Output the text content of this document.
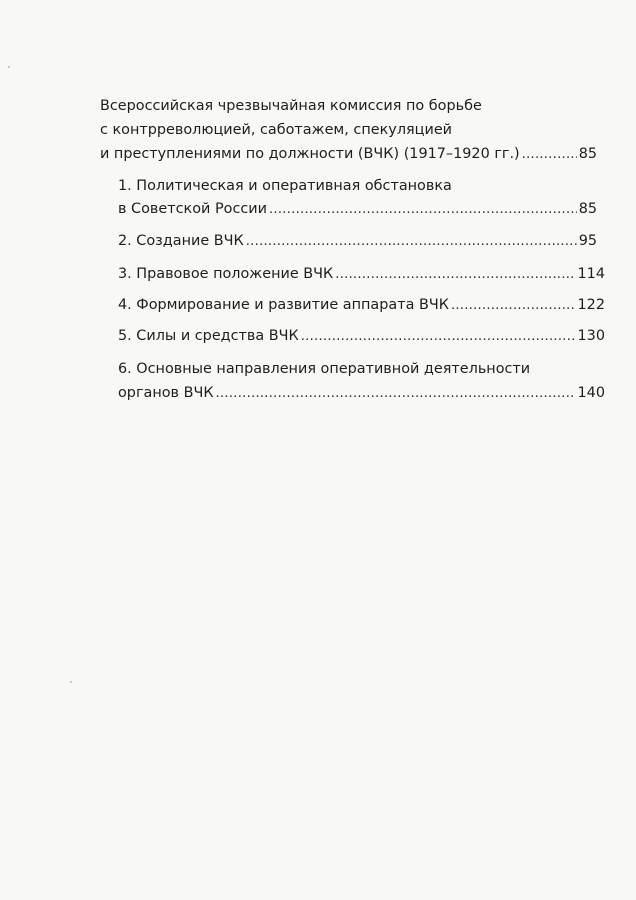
Всероссийская чрезвычайная комиссия по борьбе
с контрреволюцией, саботажем, спекуляцией
и преступлениями по должности (ВЧК) (1917–1920 гг.) .....	85
1. Политическая и оперативная обстановка
в Советской России .....	85
2. Создание ВЧК .....	95
3. Правовое положение ВЧК .....	114
4. Формирование и развитие аппарата ВЧК .....	122
5. Силы и средства ВЧК .....	130
6. Основные направления оперативной деятельности
органов ВЧК .....	140
